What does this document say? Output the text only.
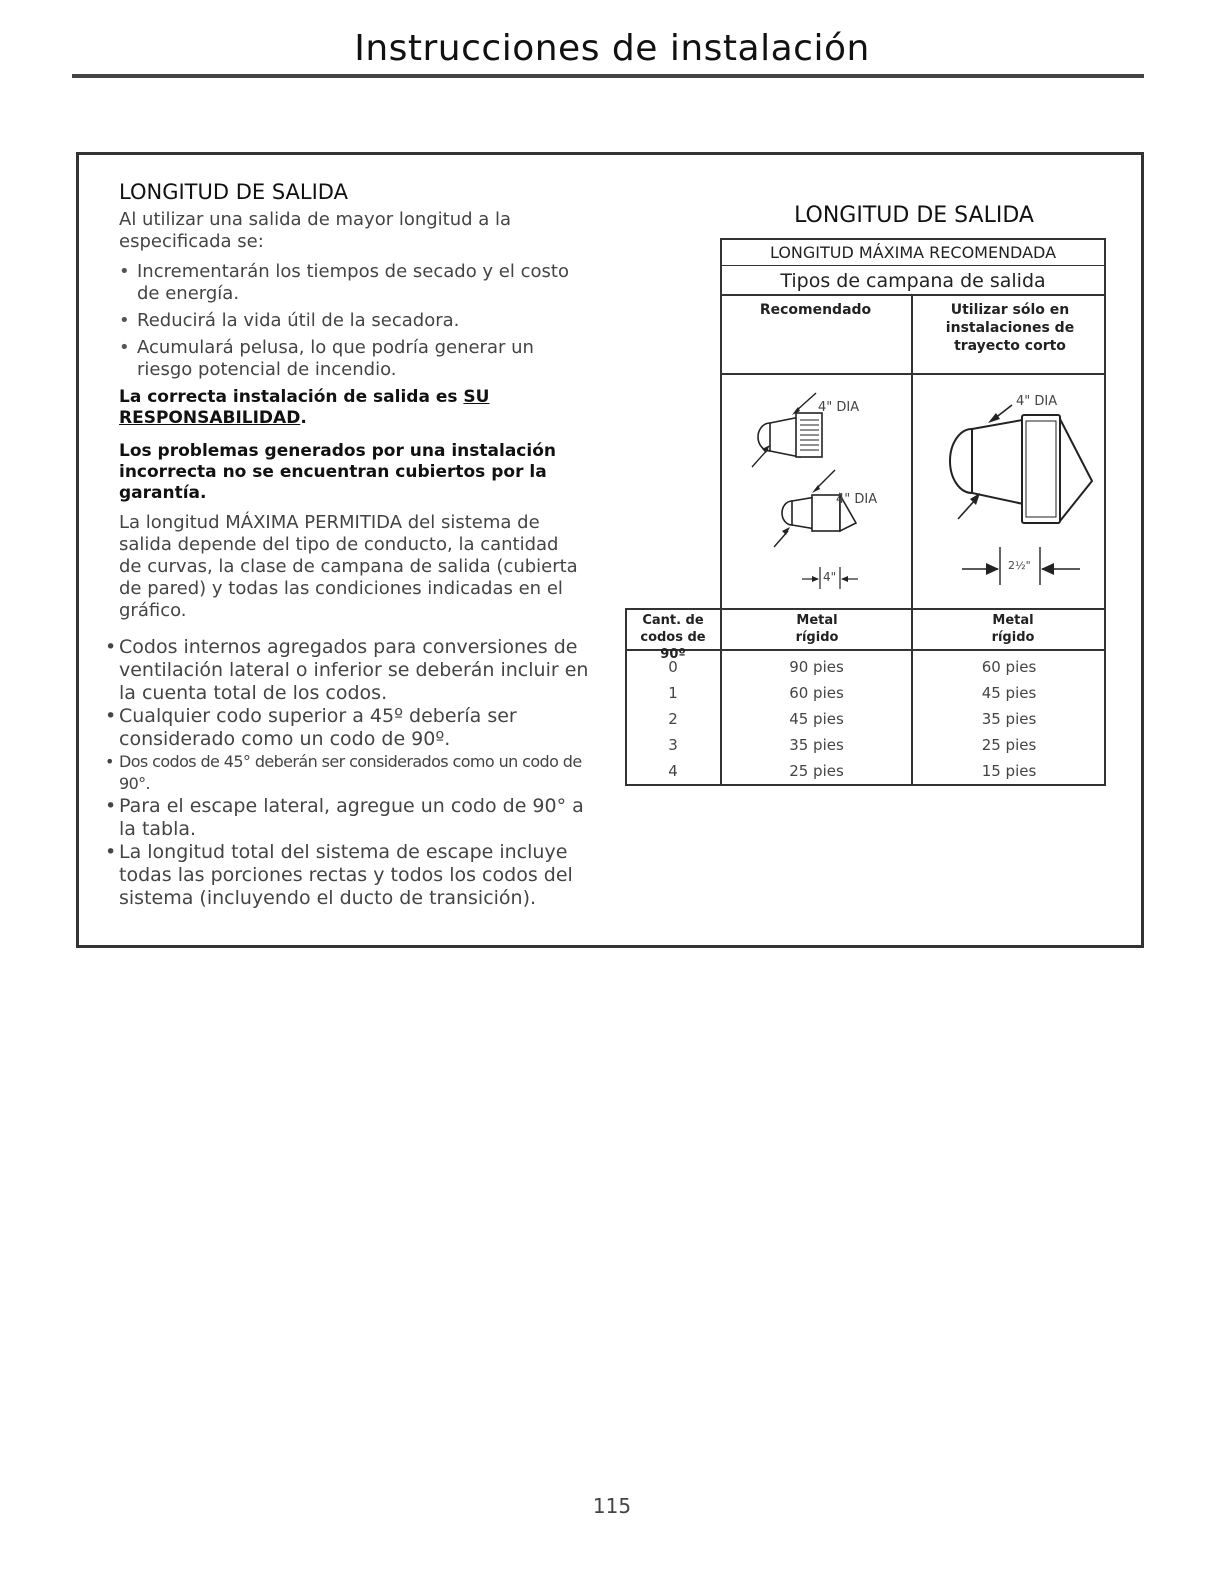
Instrucciones de instalación
LONGITUD DE SALIDA

Al utilizar una salida de mayor longitud a la especificada se:

• Incrementarán los tiempos de secado y el costo de energía.
• Reducirá la vida útil de la secadora.
• Acumulará pelusa, lo que podría generar un riesgo potencial de incendio.

La correcta instalación de salida es SU RESPONSABILIDAD.

Los problemas generados por una instalación incorrecta no se encuentran cubiertos por la garantía.

La longitud MÁXIMA PERMITIDA del sistema de salida depende del tipo de conducto, la cantidad de curvas, la clase de campana de salida (cubierta de pared) y todas las condiciones indicadas en el gráfico.

• Codos internos agregados para conversiones de ventilación lateral o inferior se deberán incluir en la cuenta total de los codos.
• Cualquier codo superior a 45º debería ser considerado como un codo de 90º.
• Dos codos de 45° deberán ser considerados como un codo de 90°.
• Para el escape lateral, agregue un codo de 90° a la tabla.
• La longitud total del sistema de escape incluye todas las porciones rectas y todos los codos del sistema (incluyendo el ducto de transición).
LONGITUD DE SALIDA
LONGITUD MÁXIMA RECOMENDADA
Tipos de campana de salida
Recomendado	Utilizar sólo en instalaciones de trayecto corto
4" DIA
4" DIA
4"
4" DIA
2½"
Cant. de codos de 90º
Metal rígido
Metal rígido
0
1
2
3
4
90 pies
60 pies
45 pies
35 pies
25 pies
60 pies
45 pies
35 pies
25 pies
15 pies
115
